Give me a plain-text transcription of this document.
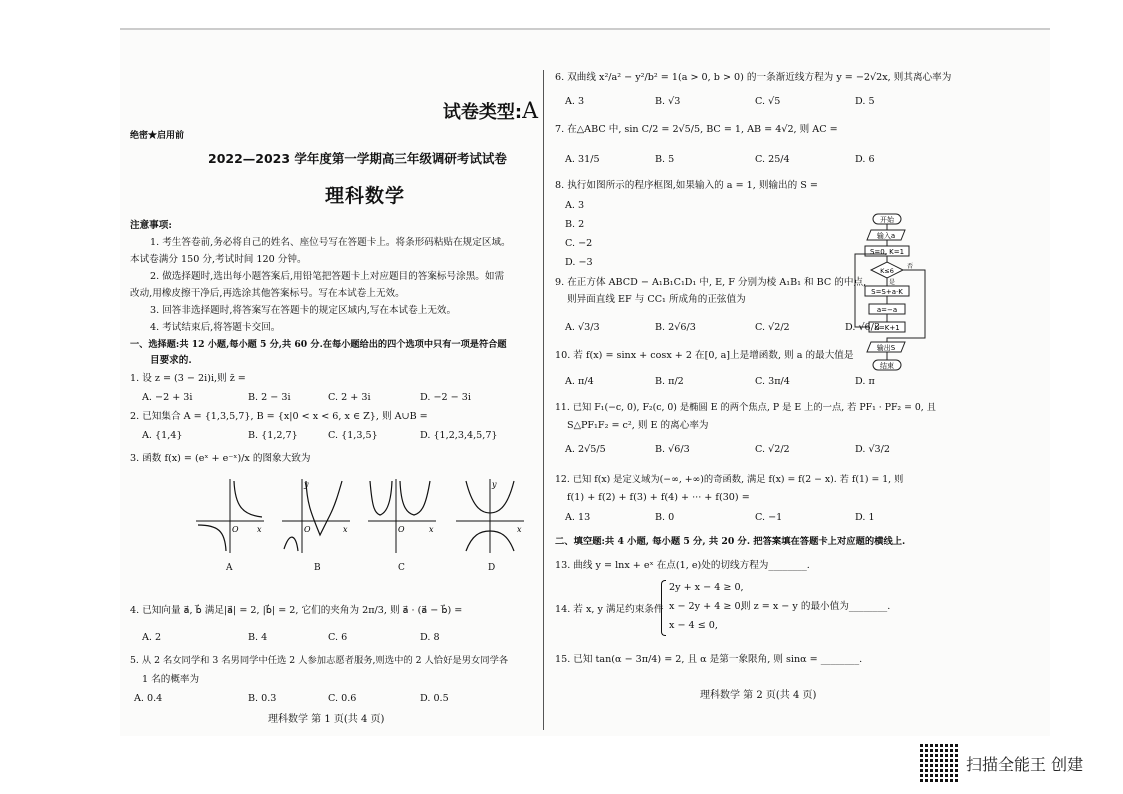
试卷类型:A
绝密★启用前
2022—2023 学年度第一学期高三年级调研考试试卷
理科数学
注意事项:
1. 考生答卷前,务必将自己的姓名、座位号写在答题卡上。将条形码粘贴在规定区域。
本试卷满分 150 分,考试时间 120 分钟。
2. 做选择题时,选出每小题答案后,用铅笔把答题卡上对应题目的答案标号涂黑。如需
改动,用橡皮擦干净后,再选涂其他答案标号。写在本试卷上无效。
3. 回答非选择题时,将答案写在答题卡的规定区域内,写在本试卷上无效。
4. 考试结束后,将答题卡交回。
一、选择题:共 12 小题,每小题 5 分,共 60 分.在每小题给出的四个选项中只有一项是符合题
目要求的.
1. 设 z = (3 − 2i)i,则 z̄ =
A. −2 + 3i	B. 2 − 3i	C. 2 + 3i	D. −2 − 3i
2. 已知集合 A = {1,3,5,7}, B = {x|0 < x < 6, x ∈ Z}, 则 A∪B =
A. {1,4}	B. {1,2,7}	C. {1,3,5}	D. {1,2,3,4,5,7}
3. 函数 f(x) = (eˣ + e⁻ˣ)/x 的图象大致为
x
O
A
x
y
O
B
x
O
C
x
y
D
4. 已知向量 a⃗, b⃗ 满足|a⃗| = 2, |b⃗| = 2, 它们的夹角为 2π/3, 则 a⃗ · (a⃗ − b⃗) =
A. 2	B. 4	C. 6	D. 8
5. 从 2 名女同学和 3 名男同学中任选 2 人参加志愿者服务,则选中的 2 人恰好是男女同学各
1 名的概率为
A. 0.4	B. 0.3	C. 0.6	D. 0.5
理科数学 第 1 页(共 4 页)
6. 双曲线 x²/a² − y²/b² = 1(a > 0, b > 0) 的一条渐近线方程为 y = −2√2x, 则其离心率为
A. 3	B. √3	C. √5	D. 5
7. 在△ABC 中, sin C/2 = 2√5/5, BC = 1, AB = 4√2, 则 AC =
A. 31/5	B. 5	C. 25/4	D. 6
8. 执行如图所示的程序框图,如果输入的 a = 1, 则输出的 S =
A. 3
B. 2
C. −2
D. −3
开始
输入a
S=0, K=1
K≤6
否
是
S=S+a·K
a=−a
K=K+1
输出S
结束
9. 在正方体 ABCD − A₁B₁C₁D₁ 中, E, F 分别为棱 A₁B₁ 和 BC 的中点,
则异面直线 EF 与 CC₁ 所成角的正弦值为
A. √3/3	B. 2√6/3	C. √2/2	D. √6/3
10. 若 f(x) = sinx + cosx + 2 在[0, a]上是增函数, 则 a 的最大值是
A. π/4	B. π/2	C. 3π/4	D. π
11. 已知 F₁(−c, 0), F₂(c, 0) 是椭圆 E 的两个焦点, P 是 E 上的一点, 若 PF₁ · PF₂ = 0, 且
S△PF₁F₂ = c², 则 E 的离心率为
A. 2√5/5	B. √6/3	C. √2/2	D. √3/2
12. 已知 f(x) 是定义域为(−∞, +∞)的奇函数, 满足 f(x) = f(2 − x). 若 f(1) = 1, 则
f(1) + f(2) + f(3) + f(4) + ··· + f(30) =
A. 13	B. 0	C. −1	D. 1
二、填空题:共 4 小题, 每小题 5 分, 共 20 分. 把答案填在答题卡上对应题的横线上.
13. 曲线 y = lnx + eˣ 在点(1, e)处的切线方程为________.
14. 若 x, y 满足约束条件
2y + x − 4 ≥ 0,
x − 2y + 4 ≥ 0,
x − 4 ≤ 0,
则 z = x − y 的最小值为________.
15. 已知 tan(α − 3π/4) = 2, 且 α 是第一象限角, 则 sinα = ________.
理科数学 第 2 页(共 4 页)
扫描全能王 创建
